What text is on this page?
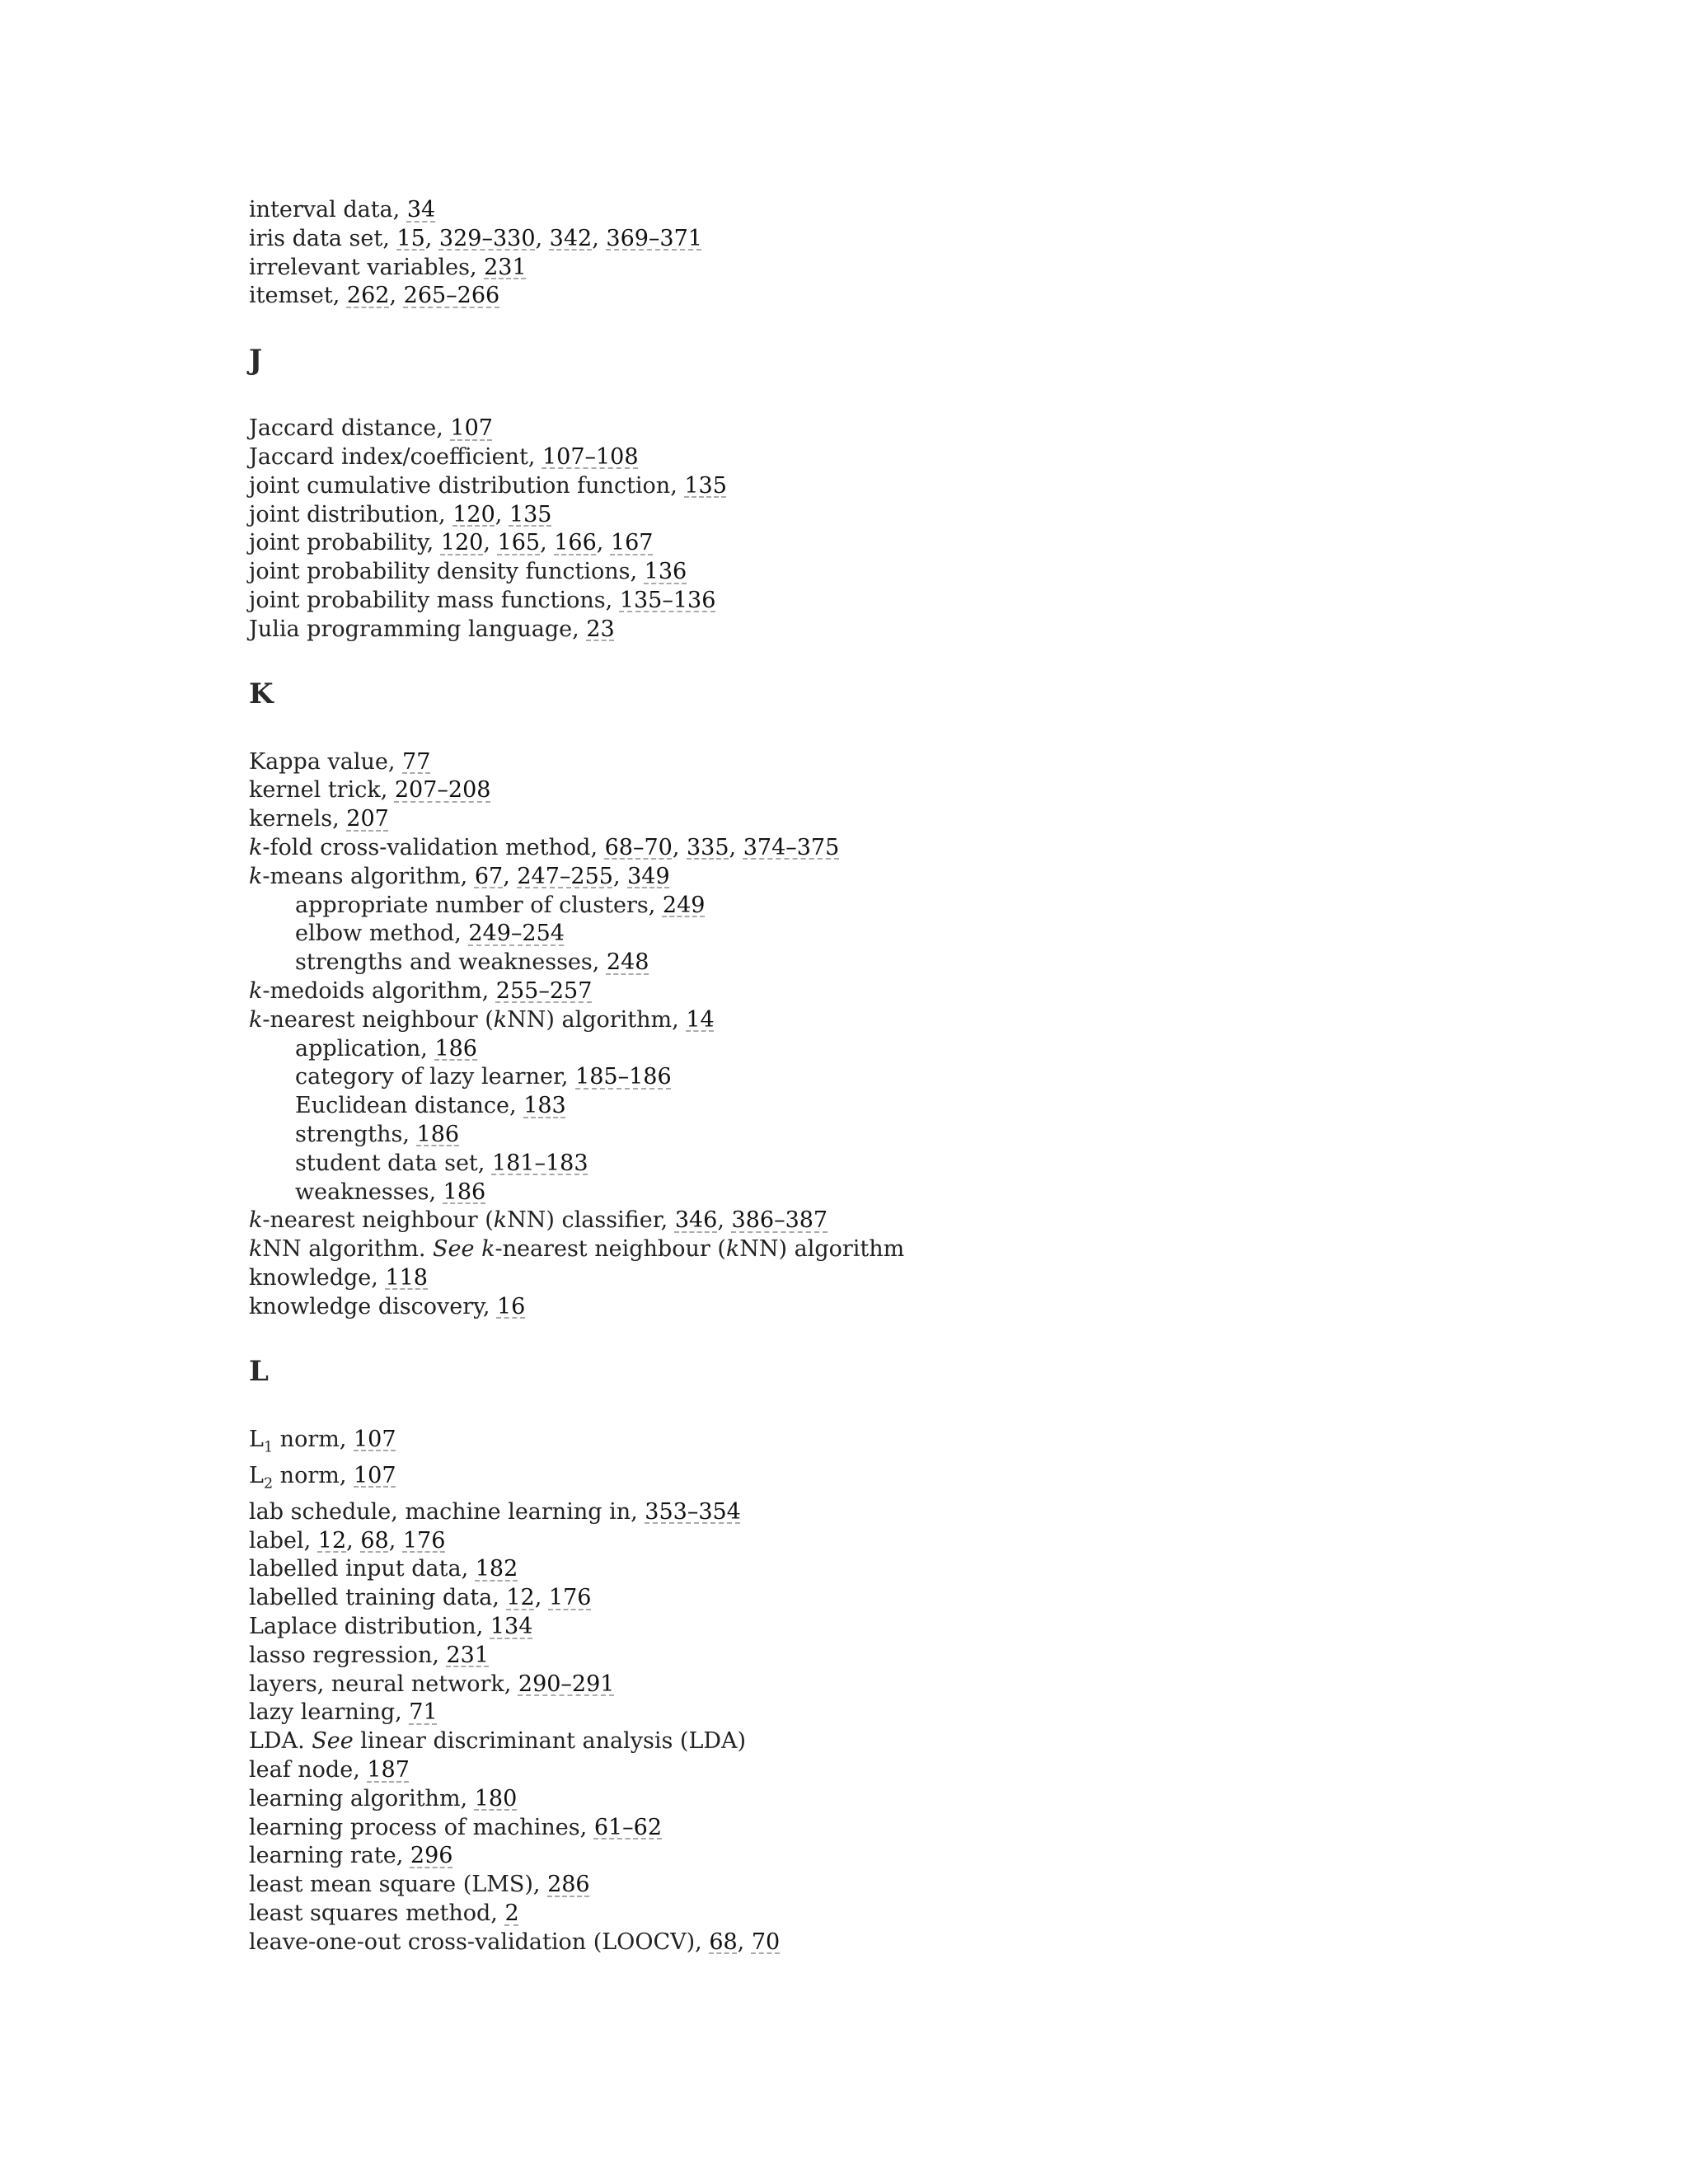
interval data, 34
iris data set, 15, 329–330, 342, 369–371
irrelevant variables, 231
itemset, 262, 265–266
J
Jaccard distance, 107
Jaccard index/coefficient, 107–108
joint cumulative distribution function, 135
joint distribution, 120, 135
joint probability, 120, 165, 166, 167
joint probability density functions, 136
joint probability mass functions, 135–136
Julia programming language, 23
K
Kappa value, 77
kernel trick, 207–208
kernels, 207
k-fold cross-validation method, 68–70, 335, 374–375
k-means algorithm, 67, 247–255, 349
appropriate number of clusters, 249
elbow method, 249–254
strengths and weaknesses, 248
k-medoids algorithm, 255–257
k-nearest neighbour (kNN) algorithm, 14
application, 186
category of lazy learner, 185–186
Euclidean distance, 183
strengths, 186
student data set, 181–183
weaknesses, 186
k-nearest neighbour (kNN) classifier, 346, 386–387
kNN algorithm. See k-nearest neighbour (kNN) algorithm
knowledge, 118
knowledge discovery, 16
L
$L_1$ norm, 107
$L_2$ norm, 107
lab schedule, machine learning in, 353–354
label, 12, 68, 176
labelled input data, 182
labelled training data, 12, 176
Laplace distribution, 134
lasso regression, 231
layers, neural network, 290–291
lazy learning, 71
LDA. See linear discriminant analysis (LDA)
leaf node, 187
learning algorithm, 180
learning process of machines, 61–62
learning rate, 296
least mean square (LMS), 286
least squares method, 2
leave-one-out cross-validation (LOOCV), 68, 70
